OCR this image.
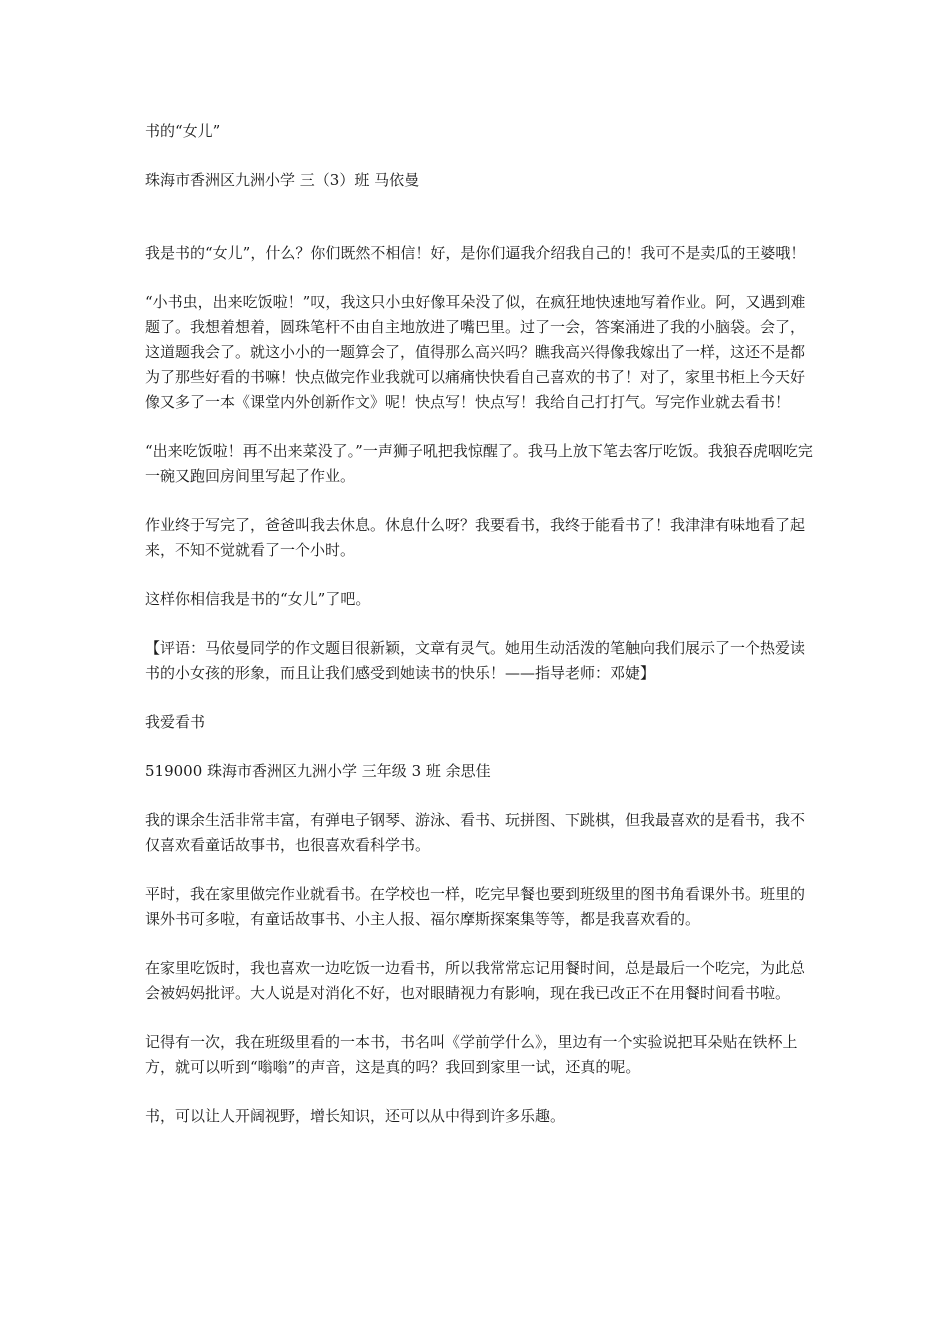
书的“女儿”

珠海市香洲区九洲小学 三（3）班 马依曼

我是书的“女儿”，什么？你们既然不相信！好，是你们逼我介绍我自己的！我可不是卖瓜的王婆哦！

“小书虫，出来吃饭啦！”叹，我这只小虫好像耳朵没了似，在疯狂地快速地写着作业。阿，又遇到难题了。我想着想着，圆珠笔杆不由自主地放进了嘴巴里。过了一会，答案涌进了我的小脑袋。会了，这道题我会了。就这小小的一题算会了，值得那么高兴吗？瞧我高兴得像我嫁出了一样，这还不是都为了那些好看的书嘛！快点做完作业我就可以痛痛快快看自己喜欢的书了！对了，家里书柜上今天好像又多了一本《课堂内外创新作文》呢！快点写！快点写！我给自己打打气。写完作业就去看书！

“出来吃饭啦！再不出来菜没了。”一声狮子吼把我惊醒了。我马上放下笔去客厅吃饭。我狼吞虎咽吃完一碗又跑回房间里写起了作业。

作业终于写完了，爸爸叫我去休息。休息什么呀？我要看书，我终于能看书了！我津津有味地看了起来，不知不觉就看了一个小时。

这样你相信我是书的“女儿”了吧。

【评语：马依曼同学的作文题目很新颖，文章有灵气。她用生动活泼的笔触向我们展示了一个热爱读书的小女孩的形象，而且让我们感受到她读书的快乐！——指导老师：邓婕】

我爱看书

519000 珠海市香洲区九洲小学 三年级 3 班 余思佳

我的课余生活非常丰富，有弹电子钢琴、游泳、看书、玩拼图、下跳棋，但我最喜欢的是看书，我不仅喜欢看童话故事书，也很喜欢看科学书。

平时，我在家里做完作业就看书。在学校也一样，吃完早餐也要到班级里的图书角看课外书。班里的课外书可多啦，有童话故事书、小主人报、福尔摩斯探案集等等，都是我喜欢看的。

在家里吃饭时，我也喜欢一边吃饭一边看书，所以我常常忘记用餐时间，总是最后一个吃完，为此总会被妈妈批评。大人说是对消化不好，也对眼睛视力有影响，现在我已改正不在用餐时间看书啦。

记得有一次，我在班级里看的一本书，书名叫《学前学什么》，里边有一个实验说把耳朵贴在铁杯上方，就可以听到“嗡嗡”的声音，这是真的吗？我回到家里一试，还真的呢。

书，可以让人开阔视野，增长知识，还可以从中得到许多乐趣。
